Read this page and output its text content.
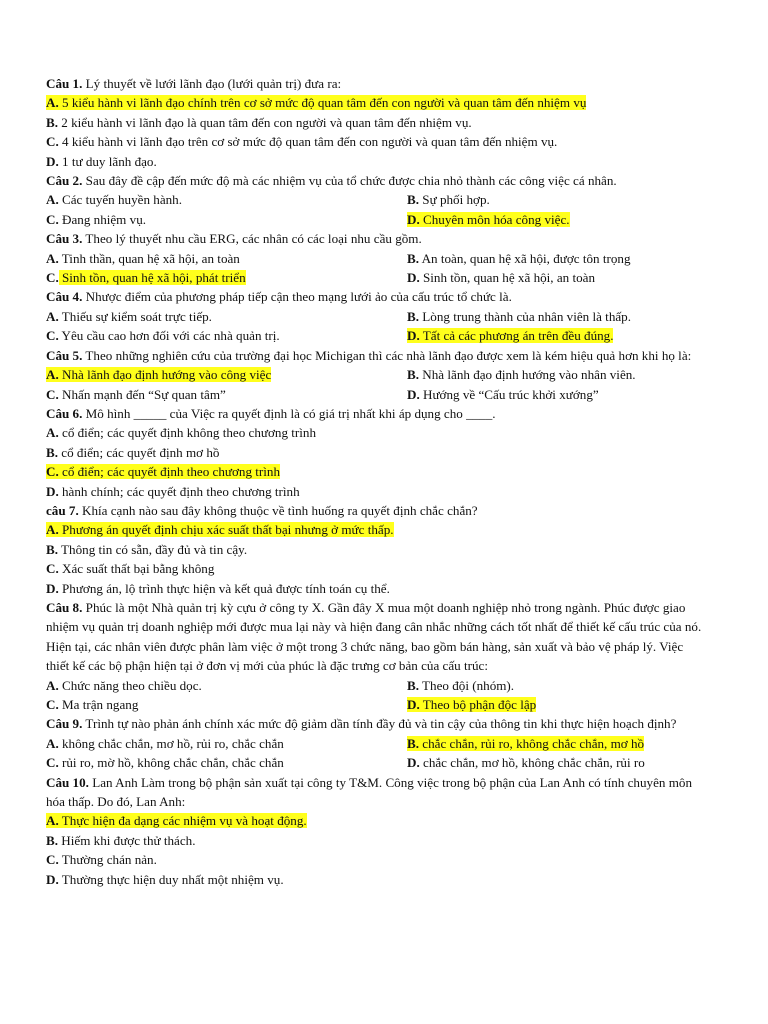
Câu 1. Lý thuyết về lưới lãnh đạo (lưới quản trị) đưa ra:
A. 5 kiểu hành vi lãnh đạo chính trên cơ sở mức độ quan tâm đến con người và quan tâm đến nhiệm vụ
B. 2 kiểu hành vi lãnh đạo là quan tâm đến con người và quan tâm đến nhiệm vụ.
C. 4 kiểu hành vi lãnh đạo trên cơ sở mức độ quan tâm đến con người và quan tâm đến nhiệm vụ.
D. 1 tư duy lãnh đạo.
Câu 2. Sau đây đề cập đến mức độ mà các nhiệm vụ của tổ chức được chia nhỏ thành các công việc cá nhân.
A. Các tuyến huyền hành.	B. Sự phối hợp.
C. Đang nhiệm vụ.	D. Chuyên môn hóa công việc.
Câu 3. Theo lý thuyết nhu cầu ERG, các nhân có các loại nhu cầu gồm.
A. Tinh thần, quan hệ xã hội, an toàn	B. An toàn, quan hệ xã hội, được tôn trọng
C. Sinh tồn, quan hệ xã hội, phát triển	D. Sinh tồn, quan hệ xã hội, an toàn
Câu 4. Nhược điểm của phương pháp tiếp cận theo mạng lưới ảo của cấu trúc tổ chức là.
A. Thiếu sự kiểm soát trực tiếp.	B. Lòng trung thành của nhân viên là thấp.
C. Yêu cầu cao hơn đối với các nhà quản trị.	D. Tất cả các phương án trên đều đúng.
Câu 5. Theo những nghiên cứu của trường đại học Michigan thì các nhà lãnh đạo được xem là kém hiệu quả hơn khi họ là:
A. Nhà lãnh đạo định hướng vào công việc	B. Nhà lãnh đạo định hướng vào nhân viên.
C. Nhấn mạnh đến “Sự quan tâm”	D. Hướng về “Cấu trúc khởi xướng”
Câu 6. Mô hình _____ của Việc ra quyết định là có giá trị nhất khi áp dụng cho ____.
A. cổ điển; các quyết định không theo chương trình
B. cổ điển; các quyết định mơ hồ
C. cổ điển; các quyết định theo chương trình
D. hành chính; các quyết định theo chương trình
câu 7. Khía cạnh nào sau đây không thuộc về tình huống ra quyết định chắc chắn?
A. Phương án quyết định chịu xác suất thất bại nhưng ở mức thấp.
B. Thông tin có sẵn, đầy đủ và tin cậy.
C. Xác suất thất bại bằng không
D. Phương án, lộ trình thực hiện và kết quả được tính toán cụ thể.
Câu 8. Phúc là một Nhà quản trị kỳ cựu ở công ty X. Gần đây X mua một doanh nghiệp nhỏ trong ngành. Phúc được giao nhiệm vụ quản trị doanh nghiệp mới được mua lại này và hiện đang cân nhắc những cách tốt nhất để thiết kế cấu trúc của nó. Hiện tại, các nhân viên được phân làm việc ở một trong 3 chức năng, bao gồm bán hàng, sản xuất và bảo vệ pháp lý. Việc thiết kế các bộ phận hiện tại ở đơn vị mới của phúc là đặc trưng cơ bản của cấu trúc:
A. Chức năng theo chiều dọc.	B. Theo đội (nhóm).
C. Ma trận ngang	D. Theo bộ phận độc lập
Câu 9. Trình tự nào phản ánh chính xác mức độ giảm dần tính đầy đủ và tin cậy của thông tin khi thực hiện hoạch định?
A. không chắc chắn, mơ hồ, rủi ro, chắc chắn	B. chắc chắn, rủi ro, không chắc chắn, mơ hồ
C. rủi ro, mờ hồ, không chắc chắn, chắc chắn	D. chắc chắn, mơ hồ, không chắc chắn, rủi ro
Câu 10. Lan Anh Làm trong bộ phận sản xuất tại công ty T&M. Công việc trong bộ phận của Lan Anh có tính chuyên môn hóa thấp. Do đó, Lan Anh:
A. Thực hiện đa dạng các nhiệm vụ và hoạt động.
B. Hiếm khi được thử thách.
C. Thường chán nản.
D. Thường thực hiện duy nhất một nhiệm vụ.
